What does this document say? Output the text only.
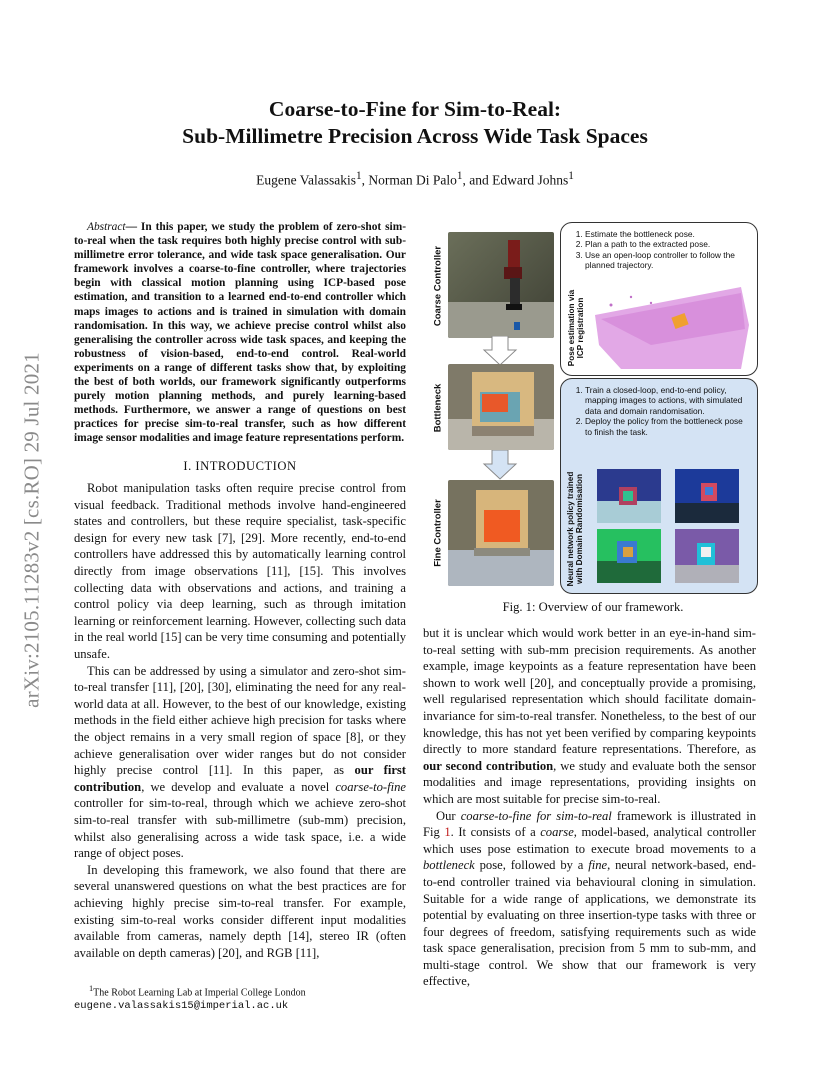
arXiv:2105.11283v2 [cs.RO] 29 Jul 2021
Coarse-to-Fine for Sim-to-Real:
Sub-Millimetre Precision Across Wide Task Spaces
Eugene Valassakis$^1$, Norman Di Palo$^1$, and Edward Johns$^1$

Abstract— In this paper, we study the problem of zero-shot sim-to-real when the task requires both highly precise control with sub-millimetre error tolerance, and wide task space generalisation. Our framework involves a coarse-to-fine controller, where trajectories begin with classical motion planning using ICP-based pose estimation, and transition to a learned end-to-end controller which maps images to actions and is trained in simulation with domain randomisation. In this way, we achieve precise control whilst also generalising the controller across wide task spaces, and keeping the robustness of vision-based, end-to-end control. Real-world experiments on a range of different tasks show that, by exploiting the best of both worlds, our framework significantly outperforms purely motion planning methods, and purely learning-based methods. Furthermore, we answer a range of questions on best practices for precise sim-to-real transfer, such as how different image sensor modalities and image feature representations perform.

I. INTRODUCTION

Robot manipulation tasks often require precise control from visual feedback. Traditional methods involve hand-engineered states and controllers, but these require specialist, task-specific design for every new task [7], [29]. More recently, end-to-end controllers have addressed this by automatically learning control directly from image observations [11], [15]. This involves collecting data with observations and actions, and training a control policy via deep learning, such as through imitation learning or reinforcement learning. However, collecting such data in the real world [15] can be very time consuming and potentially unsafe.

This can be addressed by using a simulator and zero-shot sim-to-real transfer [11], [20], [30], eliminating the need for any real-world data at all. However, to the best of our knowledge, existing methods in the field either achieve high precision for tasks where the object remains in a very small region of space [8], or they achieve generalisation over wider ranges but do not consider highly precise control [11]. In this paper, as our first contribution, we develop and evaluate a novel coarse-to-fine controller for sim-to-real, through which we achieve zero-shot sim-to-real transfer with sub-millimetre (sub-mm) precision, whilst also generalising across a wide task space, i.e. a wide range of object poses.

In developing this framework, we also found that there are several unanswered questions on what the best practices are for achieving highly precise sim-to-real transfer. For example, existing sim-to-real works consider different input modalities available from cameras, namely depth [14], stereo IR (often available on depth cameras) [20], and RGB [11],

$^1$The Robot Learning Lab at Imperial College London
eugene.valassakis15@imperial.ac.uk
Coarse Controller
Bottleneck
Fine Controller
1. Estimate the bottleneck pose.
2. Plan a path to the extracted pose.
3. Use an open-loop controller to follow the planned trajectory.
Pose estimation via
ICP registration
1. Train a closed-loop, end-to-end policy, mapping images to actions, with simulated data and domain randomisation.
2. Deploy the policy from the bottleneck pose to finish the task.
Neural network policy trained
with Domain Randomisation
Fig. 1: Overview of our framework.

but it is unclear which would work better in an eye-in-hand sim-to-real setting with sub-mm precision requirements. As another example, image keypoints as a feature representation have been shown to work well [20], and conceptually provide a promising, well regularised representation which should facilitate domain-invariance for sim-to-real transfer. Nonetheless, to the best of our knowledge, this has not yet been verified by comparing keypoints directly to more standard feature representations. Therefore, as our second contribution, we study and evaluate both the sensor modalities and image representations, providing insights on which are most suitable for precise sim-to-real.

Our coarse-to-fine for sim-to-real framework is illustrated in Fig 1. It consists of a coarse, model-based, analytical controller which uses pose estimation to execute broad movements to a bottleneck pose, followed by a fine, neural network-based, end-to-end controller trained via behavioural cloning in simulation. Suitable for a wide range of applications, we demonstrate its potential by evaluating on three insertion-type tasks with three or four degrees of freedom, satisfying requirements such as wide task space generalisation, precision from 5 mm to sub-mm, and multi-stage control. We show that our framework is very effective,
